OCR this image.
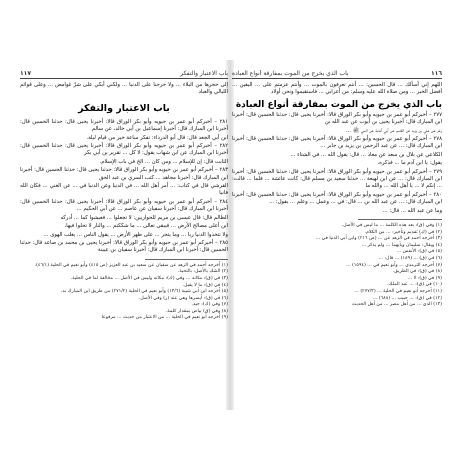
باب الاعتبار والتفكر
١١٧

إلى حجرها من البلاء ... ولا حرجنا على الدنيا ... ولكني أبكي على شرّ غوامض ... وعلى قوائم الليالي والعباد

باب الاعتبار والتفكر

٢٨١ – أخبركم أبو عمر بن حيويه وأبو بكر الوراق قالا: أخبرنا يحيى قال: حدثنا الحسين قال: أخبرنا ابن المبارك قال: أخبرنا إسماعيل بن أبي خالد، عن سالم

ابن أبي الجعد قال: قال أبو الدرداء: تفكر ساعة خير من قيام ليلة.

٢٨٢ – أخبركم أبو عمر بن حيويه وأبو بكر الوراق قالا: أخبرنا يحيى قال: حدثنا الحسين قال: أخبرنا ابن المبارك عن ابن شهاب يقول: لا كل ... تقرير بن أبي بكر

الثابت قال: إن للإسلام ... ومن كان ... الخ في باب الإسلام.

٢٨٣ – أخبركم أبو عمر بن حيويه وأبو بكر الوراق قالا: حدثنا يحيى قال: حدثنا الحسين قال: أخبرنا ابن المبارك قال: أخبرنا مجاهد ... كتب السري بن عبد الحق

القرشي قال في كتاب: ... أمر أهل الله ... في الدنيا وعن الدنيا في ... عن الغني ... فكان الله فانيا

٢٨٤ – أخبركم أبو عمر بن حيويه وأبو بكر الوراق قالا: أخبرنا يحيى قال: حدثنا الحسين قال: أخبرنا ابن المبارك قال: أخبرنا سفيان عن عاصم ... عن أبي الحكيم ...

الظالم قال: قال عيسى بن مريم للحواريين: لا تجعلوا ... فعيشوا كما ... أدركه

ابن أعلى مصالح الأرض ... فيبقى تعالى ... ما شككتم ... والنار لا تحلوا فيها،

ولا تتخذوا الدنيا ربا ... وما يتجر ... على ظهر الأرض ... يقول الناس ... يغلب الهوى ...

٢٨٥ – أخبركم أبو عمر بن حيويه وأبو بكر الوراق قالا: أخبرنا يحيى بن محمد بن صاعد قال: حدثنا الحسين قال: أخبرنا ابن المبارك قال: أخبرنا سفيان بن عيينة

(١) أخرجه أحمد في الزهد عن سفيان عن سعيد بن عبد العزيز (ص ٤١٥) وأبو نعيم في الحلية (٤٦/١).

(٢) الشك بالأصل: بالتحية.

(٣) في (ق): مكانه ... وفي (ك): مكانه وليس في الأصل ... مخالفة لما في الحلية.

(٤) في (ق): ما لا يقبل.

(٥) أخرجه ابن أبي شيبة (١٣/٦) وأبو نعيم في الحلية (٢٧١/٢) من طريق ابن المبارك به.

(٦) في (ق): أيسرها وهي عند (ر) وفي الأصل.

(٧) وفي (ك): جيد.

(٨) وفي (ق) بياض بمقدار كلمة.

(٩) أخرجه أبو نعيم في الحلية ... من الاعتبار من حديث ... مرفوعا

١١٦
باب الذي يخرج من الموت بمفارقة أنواع العبادة

اللهم إني أسألك ... قال الحسين: ... أنتم تعرفون بالموت ... وأنتم عزمتم على ... اليقين ... أفضل الخير ... ومن صلاة الله عليه وسلم: من أعرابي ... فاستقيموا ونحن أولاد

باب الذي يخرج من الموت بمفارقة أنواع العبادة

٢٧٧ – أخبركم أبو عمر بن حيويه وأبو بكر الوراق قالا: أخبرنا يحيى قال: حدثنا الحسين قال: أخبرنا ابن المبارك قال: أخبرنا يحيى بن أيوب عن عبد الله بن

زَحْر عن علي بن يزيد عن القاسم عن أبي أمامة عن النبي ﷺ ...

٢٧٨ – أخبركم أبو عمر بن حيويه وأبو بكر الوراق قالا: أخبرنا يحيى قال: حدثنا الحسين قال: أخبرنا ابن المبارك قال: ... عن عبد الرحمن بن يزيد بن جابر ...

الكلاعي عن بلال بن سعد عن معاذ ... قال: يقول الله ... في الشتاء ...

يقول: يا ابن آدم ما ... فذكره.

٢٧٩ – أخبركم أبو عمر بن حيويه وأبو بكر الوراق قالا: أخبرنا يحيى قال: حدثنا الحسين قال: أخبرنا ابن المبارك قال: ... عن ابن لهيعة ... حدثنا سعيد بن مسلم قال: كانت عائشة ... فلما ... قالت: ... إنكم لا ... يا أهل الله ... والله ما

٢٨٠ – أخبركم أبو عمر بن حيويه وأبو بكر الوراق قالا: أخبرنا يحيى قال: حدثنا الحسين قال: أخبرنا ابن المبارك قال: ... عن عبد الله بن ... قال: في ... وعمل ... وعلم ... يقول: ...

وما عن عبد الله ... قال: ...

(١) وفي (ق): بعد هذه الكلمة ... ما ليس في الأصل.

(٢) في (ك) تقديم وتأخير: ... من الكلام.

(٣) أخرجه أحمد في الزهد عن ... (ص ٢١٦) وابن أبي الدنيا في ...

(٤) ويقال: سليمان وبأيهما ... ولم يذكر ...

(٥) في (ق): الأنفس ...

(٦) في (ق) ... (١٨٩) ... قال: ...

(٧) أخرجه الترمذي ... وأبو نعيم في ... (١٥٩٤) ...

(٨) في (ق): في الطريق.

(٩) في (ق): لا ...

(١٠) في (ق): ... عبد الملك.

(١١) أخرجه أبو نعيم في الحلية ... (٢٧٧/٣) ...

(١٢) في (ق): ... حبيب ... (٦٨٨) ...

(١٣) الذي ... من أهل مصر ... من أهل الحديث
